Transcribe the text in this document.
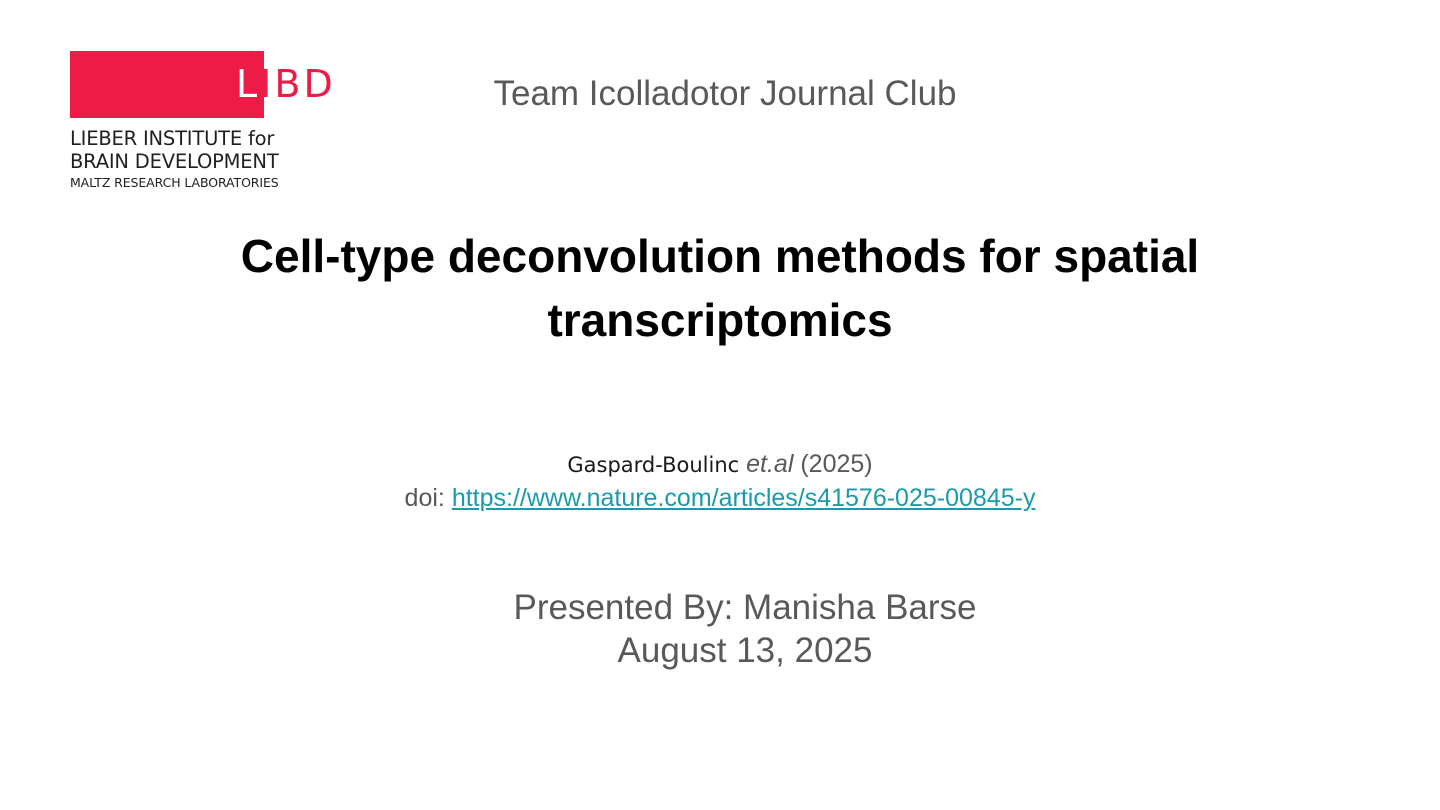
LIBD
LIEBER INSTITUTE for
BRAIN DEVELOPMENT
MALTZ RESEARCH LABORATORIES
Team Icolladotor Journal Club
Cell-type deconvolution methods for spatial
transcriptomics
Gaspard-Boulinc et.al (2025)
doi: https://www.nature.com/articles/s41576-025-00845-y
Presented By: Manisha Barse
August 13, 2025
